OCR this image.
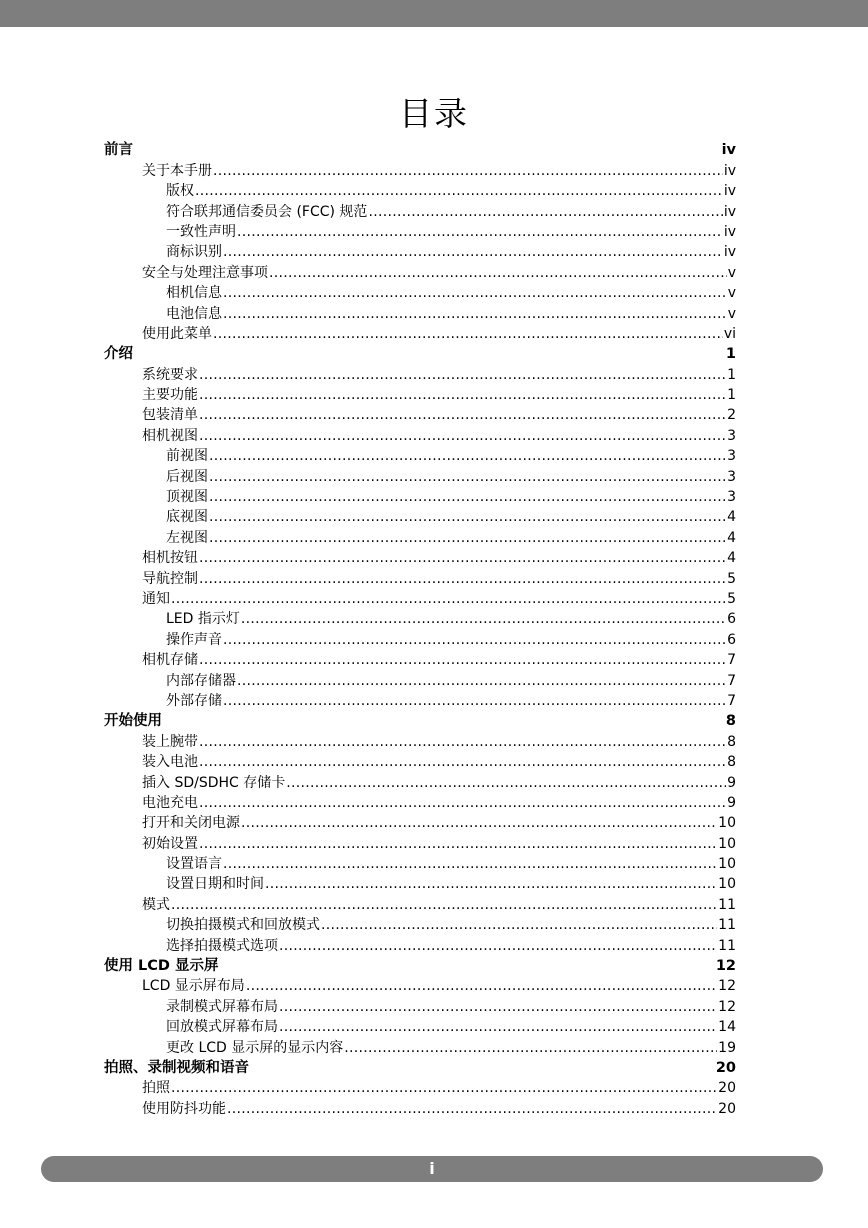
目录
前言	iv
关于本手册 .....	iv
版权 .....	iv
符合联邦通信委员会 (FCC) 规范 .....	iv
一致性声明 .....	iv
商标识别 .....	iv
安全与处理注意事项 .....	v
相机信息 .....	v
电池信息 .....	v
使用此菜单 .....	vi
介绍	1
系统要求 .....	1
主要功能 .....	1
包装清单 .....	2
相机视图 .....	3
前视图 .....	3
后视图 .....	3
顶视图 .....	3
底视图 .....	4
左视图 .....	4
相机按钮 .....	4
导航控制 .....	5
通知 .....	5
LED 指示灯 .....	6
操作声音 .....	6
相机存储 .....	7
内部存储器 .....	7
外部存储 .....	7
开始使用	8
装上腕带 .....	8
装入电池 .....	8
插入 SD/SDHC 存储卡 .....	9
电池充电 .....	9
打开和关闭电源 .....	10
初始设置 .....	10
设置语言 .....	10
设置日期和时间 .....	10
模式 .....	11
切换拍摄模式和回放模式 .....	11
选择拍摄模式选项 .....	11
使用 LCD 显示屏	12
LCD 显示屏布局 .....	12
录制模式屏幕布局 .....	12
回放模式屏幕布局 .....	14
更改 LCD 显示屏的显示内容 .....	19
拍照、录制视频和语音	20
拍照 .....	20
使用防抖功能 .....	20
i
